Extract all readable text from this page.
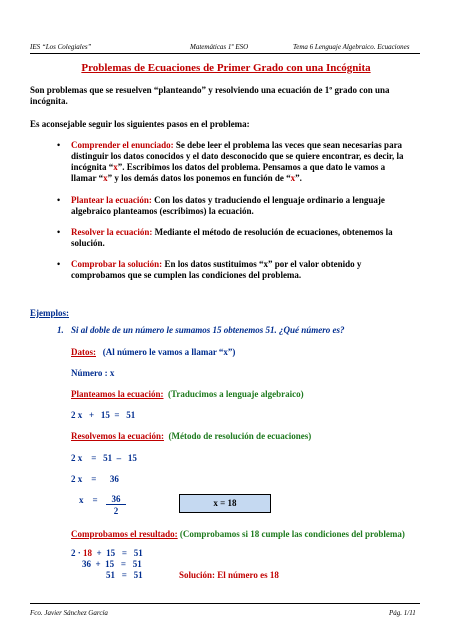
IES “Los Colegiales”	Matemáticas 1º ESO	Tema 6 Lenguaje Algebraico. Ecuaciones
Problemas de Ecuaciones de Primer Grado con una Incógnita
Son problemas que se resuelven “planteando” y resolviendo una ecuación de 1º grado con una
incógnita.
Es aconsejable seguir los siguientes pasos en el problema:
• Comprender el enunciado: Se debe leer el problema las veces que sean necesarias para
distinguir los datos conocidos y el dato desconocido que se quiere encontrar, es decir, la
incógnita “x”. Escribimos los datos del problema. Pensamos a que dato le vamos a
llamar “x” y los demás datos los ponemos en función de “x”.
• Plantear la ecuación: Con los datos y traduciendo el lenguaje ordinario a lenguaje
algebraico planteamos (escribimos) la ecuación.
• Resolver la ecuación: Mediante el método de resolución de ecuaciones, obtenemos la
solución.
• Comprobar la solución: En los datos sustituimos “x” por el valor obtenido y
comprobamos que se cumplen las condiciones del problema.
Ejemplos:
1. Si al doble de un número le sumamos 15 obtenemos 51. ¿Qué número es?
Datos: (Al número le vamos a llamar “x”)
Número : x
Planteamos la ecuación: (Traducimos a lenguaje algebraico)
2 x   +   15  =   51
Resolvemos la ecuación: (Método de resolución de ecuaciones)
2 x    =   51  –   15
2 x    =      36
x    =	36
2
x = 18
Comprobamos el resultado: (Comprobamos si 18 cumple las condiciones del problema)
2 · 18  +  15   =   51
36  +  15   =   51
51   =   51	Solución: El número es 18
Fco. Javier Sánchez García	Pág. 1/11
